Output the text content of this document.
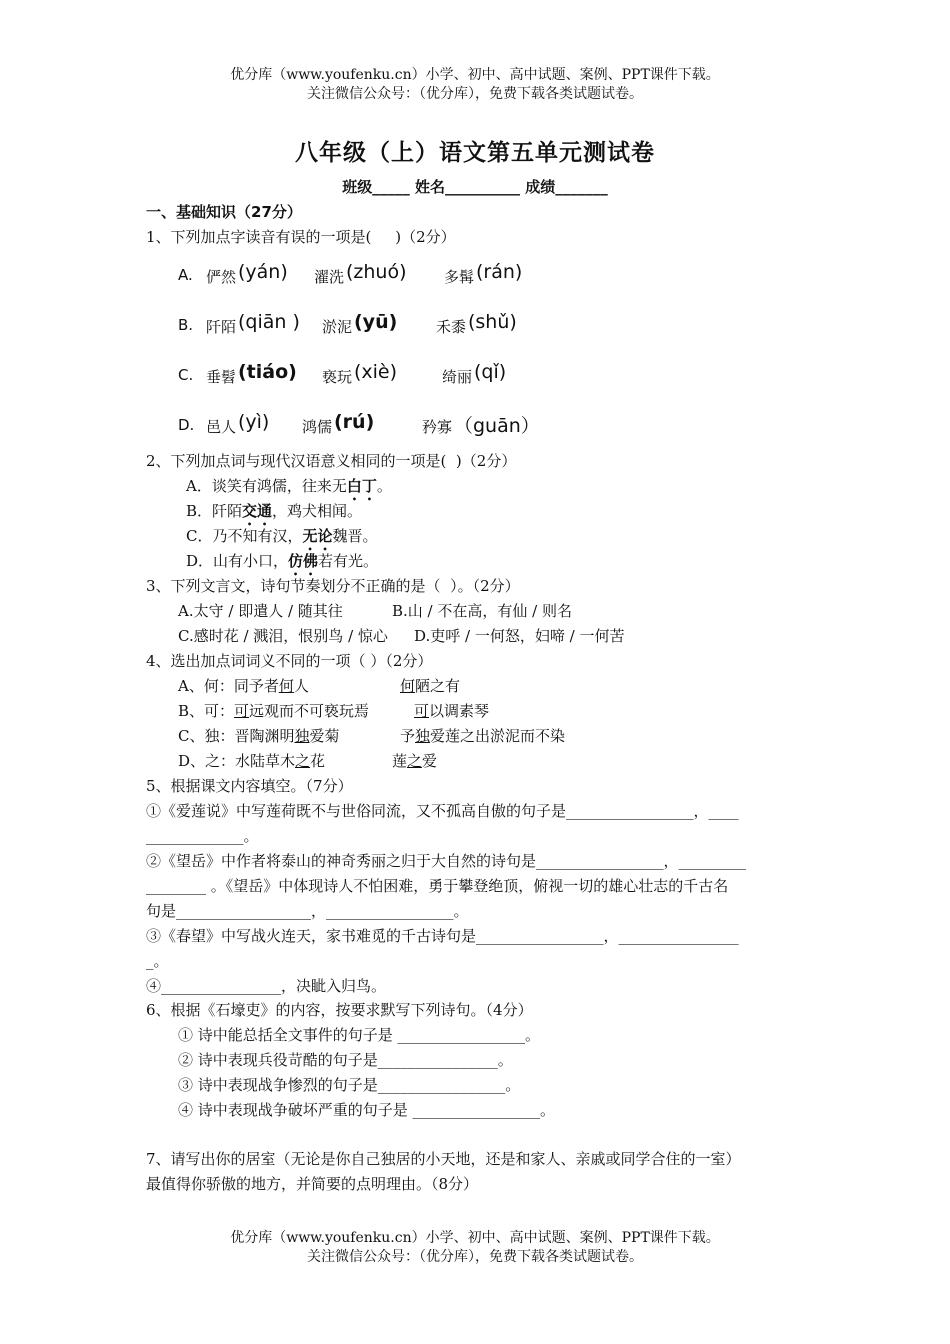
优分库（www.youfenku.cn）小学、初中、高中试题、案例、PPT课件下载。
关注微信公众号：（优分库），免费下载各类试题试卷。
八年级（上）语文第五单元测试卷
班级_____ 姓名__________ 成绩_______
一、基础知识（27分）
1、下列加点字读音有误的一项是(     )（2分）
A. 俨然 (yán) 濯洗 (zhuó) 多髯 (rán)
B. 阡陌 (qiān ) 淤泥 (yū)	禾黍 (shǔ)
C. 垂髫 (tiáo) 亵玩 (xiè)	绮丽 (qǐ)
D. 邑人 (yì) 鸿儒 (rú)	矜寡 （guān）
2、下列加点词与现代汉语意义相同的一项是(  )（2分）
A．谈笑有鸿儒，往来无白丁。
B．阡陌交通，鸡犬相闻。
C．乃不知有汉，无论魏晋。
D．山有小口，仿佛若有光。
3、下列文言文，诗句节奏划分不正确的是（  ）。（2分）
A.太守 / 即遣人 / 随其往	B.山 / 不在高，有仙 / 则名
C.感时花 / 溅泪，恨别鸟 / 惊心 D.吏呼 / 一何怒，妇啼 / 一何苦
4、选出加点词词义不同的一项（ ）（2分）
A、何：同予者何人	何陋之有
B、可：可远观而不可亵玩焉	可以调素琴
C、独：晋陶渊明独爱菊	予独爱莲之出淤泥而不染
D、之：水陆草木之花	莲之爱
5、根据课文内容填空。（7分）
①《爱莲说》中写莲荷既不与世俗同流，又不孤高自傲的句子是_________________，____
_____________。
②《望岳》中作者将泰山的神奇秀丽之归于大自然的诗句是_________________，_________
________ 。《望岳》中体现诗人不怕困难，勇于攀登绝顶，俯视一切的雄心壮志的千古名
句是__________________，_________________。
③《春望》中写战火连天，家书难觅的千古诗句是_________________，________________
_。
④________________，决眦入归鸟。
6、根据《石壕吏》的内容，按要求默写下列诗句。（4分）
① 诗中能总括全文事件的句子是 _________________。
② 诗中表现兵役苛酷的句子是________________。
③ 诗中表现战争惨烈的句子是_________________。
④ 诗中表现战争破坏严重的句子是 _________________。
7、请写出你的居室（无论是你自己独居的小天地，还是和家人、亲戚或同学合住的一室）
最值得你骄傲的地方，并简要的点明理由。（8分）
优分库（www.youfenku.cn）小学、初中、高中试题、案例、PPT课件下载。
关注微信公众号：（优分库），免费下载各类试题试卷。
